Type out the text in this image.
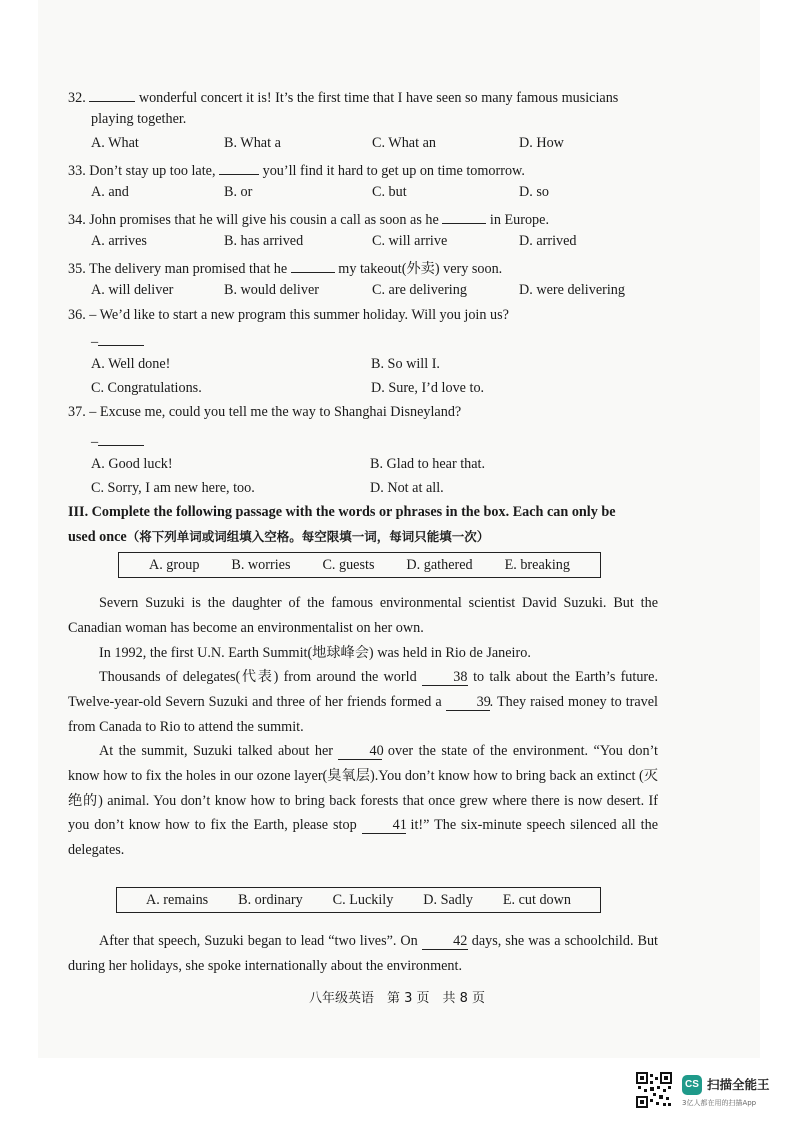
32.	wonderful concert it is! It’s the first time that I have seen so many famous musicians
playing together.
A. What	B. What a	C. What an	D. How
33. Don’t stay up too late,	you’ll find it hard to get up on time tomorrow.
A. and	B. or	C. but	D. so
34. John promises that he will give his cousin a call as soon as he	in Europe.
A. arrives	B. has arrived	C. will arrive	D. arrived
35. The delivery man promised that he	my takeout(外卖) very soon.
A. will deliver	B. would deliver	C. are delivering	D. were delivering
36. – We’d like to start a new program this summer holiday. Will you join us?
–
A. Well done!	B. So will I.
C. Congratulations.	D. Sure, I’d love to.
37. – Excuse me, could you tell me the way to Shanghai Disneyland?
–
A. Good luck!	B. Glad to hear that.
C. Sorry, I am new here, too.	D. Not at all.
III. Complete the following passage with the words or phrases in the box. Each can only be
used once（将下列单词或词组填入空格。每空限填一词，每词只能填一次）
A. group B. worries C. guests D. gathered E. breaking
Severn Suzuki is the daughter of the famous environmental scientist David Suzuki. But the Canadian woman has become an environmentalist on her own.
In 1992, the first U.N. Earth Summit(地球峰会) was held in Rio de Janeiro.
Thousands of delegates(代表) from around the world 38 to talk about the Earth’s future. Twelve-year-old Severn Suzuki and three of her friends formed a 39. They raised money to travel from Canada to Rio to attend the summit.
At the summit, Suzuki talked about her 40 over the state of the environment. “You don’t know how to fix the holes in our ozone layer(臭氧层).You don’t know how to bring back an extinct (灭绝的) animal. You don’t know how to bring back forests that once grew where there is now desert. If you don’t know how to fix the Earth, please stop 41 it!” The six-minute speech silenced all the delegates.
A. remains B. ordinary C. Luckily D. Sadly E. cut down
After that speech, Suzuki began to lead “two lives”. On 42 days, she was a schoolchild. But during her holidays, she spoke internationally about the environment.
八年级英语　第 3 页　共 8 页
CS 扫描全能王
3亿人都在用的扫描App
